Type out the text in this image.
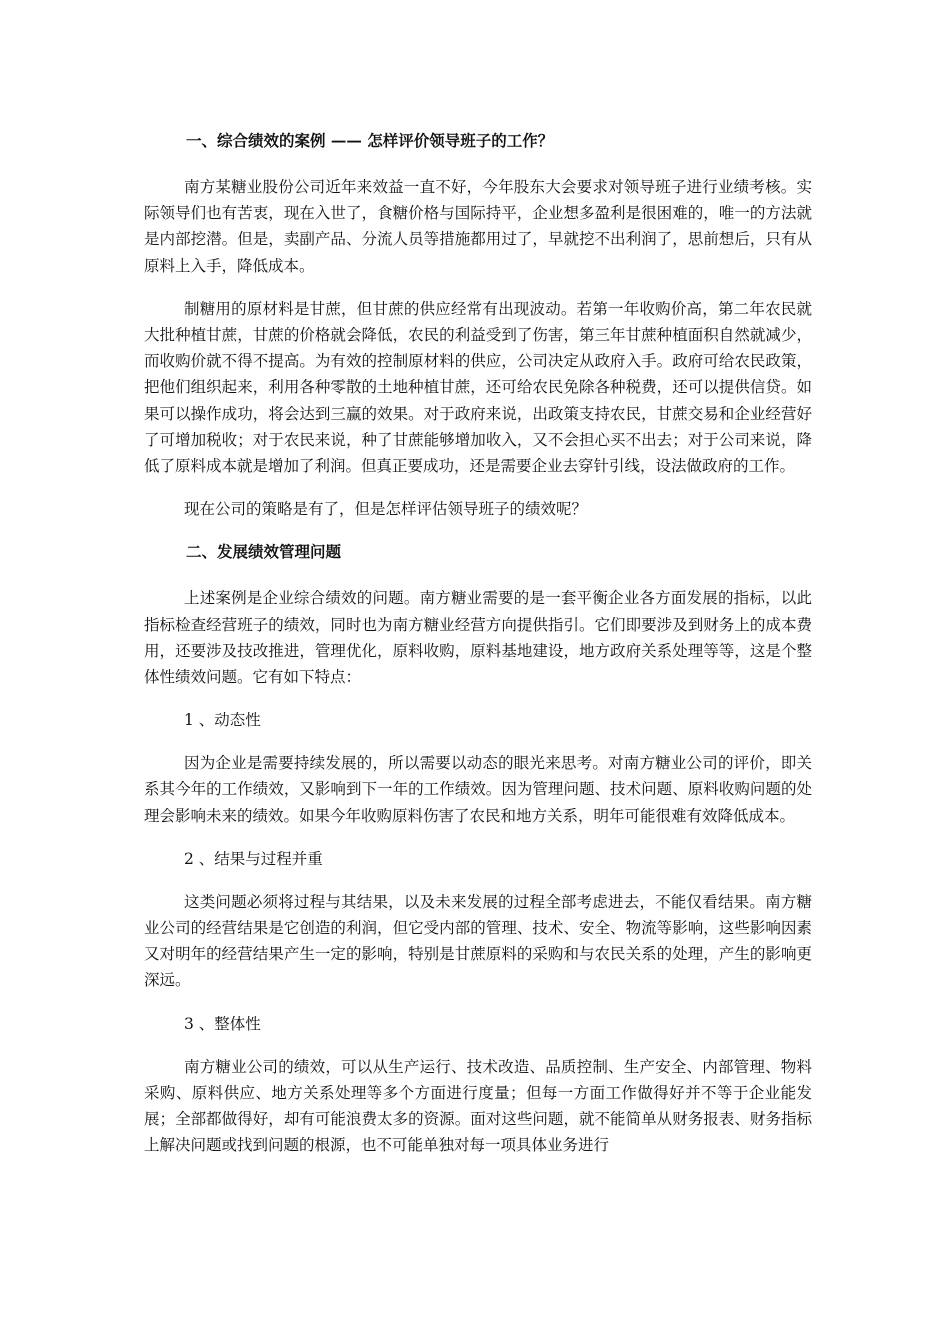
一、综合绩效的案例 —— 怎样评价领导班子的工作？

南方某糖业股份公司近年来效益一直不好，今年股东大会要求对领导班子进行业绩考核。实际领导们也有苦衷，现在入世了，食糖价格与国际持平，企业想多盈利是很困难的，唯一的方法就是内部挖潜。但是，卖副产品、分流人员等措施都用过了，早就挖不出利润了，思前想后，只有从原料上入手，降低成本。

制糖用的原材料是甘蔗，但甘蔗的供应经常有出现波动。若第一年收购价高，第二年农民就大批种植甘蔗，甘蔗的价格就会降低，农民的利益受到了伤害，第三年甘蔗种植面积自然就减少，而收购价就不得不提高。为有效的控制原材料的供应，公司决定从政府入手。政府可给农民政策，把他们组织起来，利用各种零散的土地种植甘蔗，还可给农民免除各种税费，还可以提供信贷。如果可以操作成功，将会达到三赢的效果。对于政府来说，出政策支持农民，甘蔗交易和企业经营好了可增加税收；对于农民来说，种了甘蔗能够增加收入，又不会担心买不出去；对于公司来说，降低了原料成本就是增加了利润。但真正要成功，还是需要企业去穿针引线，设法做政府的工作。

现在公司的策略是有了，但是怎样评估领导班子的绩效呢？

二、发展绩效管理问题

上述案例是企业综合绩效的问题。南方糖业需要的是一套平衡企业各方面发展的指标，以此指标检查经营班子的绩效，同时也为南方糖业经营方向提供指引。它们即要涉及到财务上的成本费用，还要涉及技改推进，管理优化，原料收购，原料基地建设，地方政府关系处理等等，这是个整体性绩效问题。它有如下特点：

1 、动态性

因为企业是需要持续发展的，所以需要以动态的眼光来思考。对南方糖业公司的评价，即关系其今年的工作绩效，又影响到下一年的工作绩效。因为管理问题、技术问题、原料收购问题的处理会影响未来的绩效。如果今年收购原料伤害了农民和地方关系，明年可能很难有效降低成本。

2 、结果与过程并重

这类问题必须将过程与其结果，以及未来发展的过程全部考虑进去，不能仅看结果。南方糖业公司的经营结果是它创造的利润，但它受内部的管理、技术、安全、物流等影响，这些影响因素又对明年的经营结果产生一定的影响，特别是甘蔗原料的采购和与农民关系的处理，产生的影响更深远。

3 、整体性

南方糖业公司的绩效，可以从生产运行、技术改造、品质控制、生产安全、内部管理、物料采购、原料供应、地方关系处理等多个方面进行度量；但每一方面工作做得好并不等于企业能发展；全部都做得好，却有可能浪费太多的资源。面对这些问题，就不能简单从财务报表、财务指标上解决问题或找到问题的根源，也不可能单独对每一项具体业务进行
